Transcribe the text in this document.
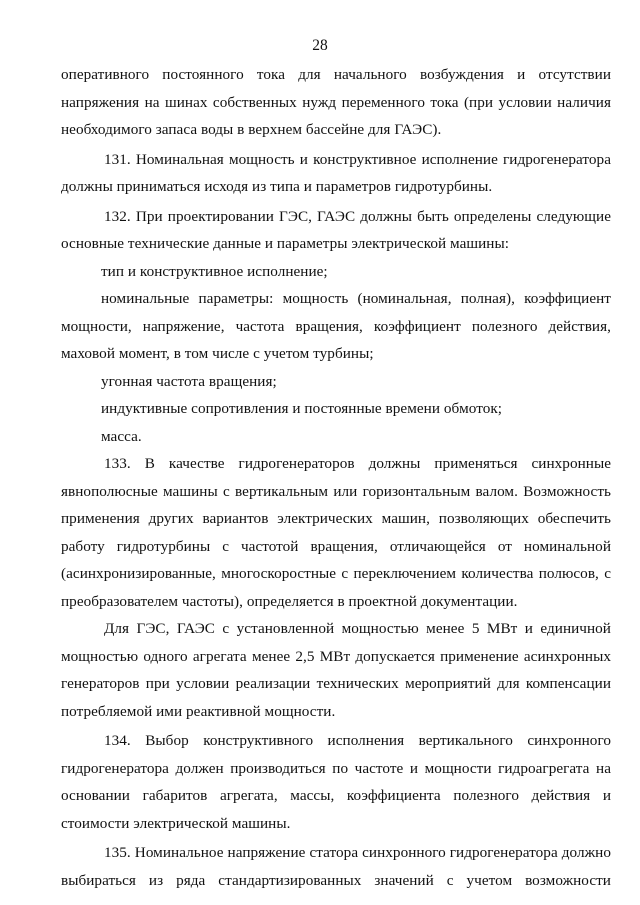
28
оперативного постоянного тока для начального возбуждения и отсутствии
напряжения на шинах собственных нужд переменного тока (при условии наличия
необходимого запаса воды в верхнем бассейне для ГАЭС).
131. Номинальная мощность и конструктивное исполнение гидрогенератора
должны приниматься исходя из типа и параметров гидротурбины.
132. При проектировании ГЭС, ГАЭС должны быть определены следующие
основные технические данные и параметры электрической машины:
тип и конструктивное исполнение;
номинальные параметры: мощность (номинальная, полная), коэффициент
мощности, напряжение, частота вращения, коэффициент полезного действия,
маховой момент, в том числе с учетом турбины;
угонная частота вращения;
индуктивные сопротивления и постоянные времени обмоток;
масса.
133. В качестве гидрогенераторов должны применяться синхронные
явнополюсные машины с вертикальным или горизонтальным валом. Возможность
применения других вариантов электрических машин, позволяющих обеспечить
работу гидротурбины с частотой вращения, отличающейся от номинальной
(асинхронизированные, многоскоростные с переключением количества полюсов, с
преобразователем частоты), определяется в проектной документации.
Для ГЭС, ГАЭС с установленной мощностью менее 5 МВт и единичной
мощностью одного агрегата менее 2,5 МВт допускается применение асинхронных
генераторов при условии реализации технических мероприятий для компенсации
потребляемой ими реактивной мощности.
134. Выбор конструктивного исполнения вертикального синхронного
гидрогенератора должен производиться по частоте и мощности гидроагрегата на
основании габаритов агрегата, массы, коэффициента полезного действия и
стоимости электрической машины.
135. Номинальное напряжение статора синхронного гидрогенератора должно
выбираться из ряда стандартизированных значений с учетом возможности
